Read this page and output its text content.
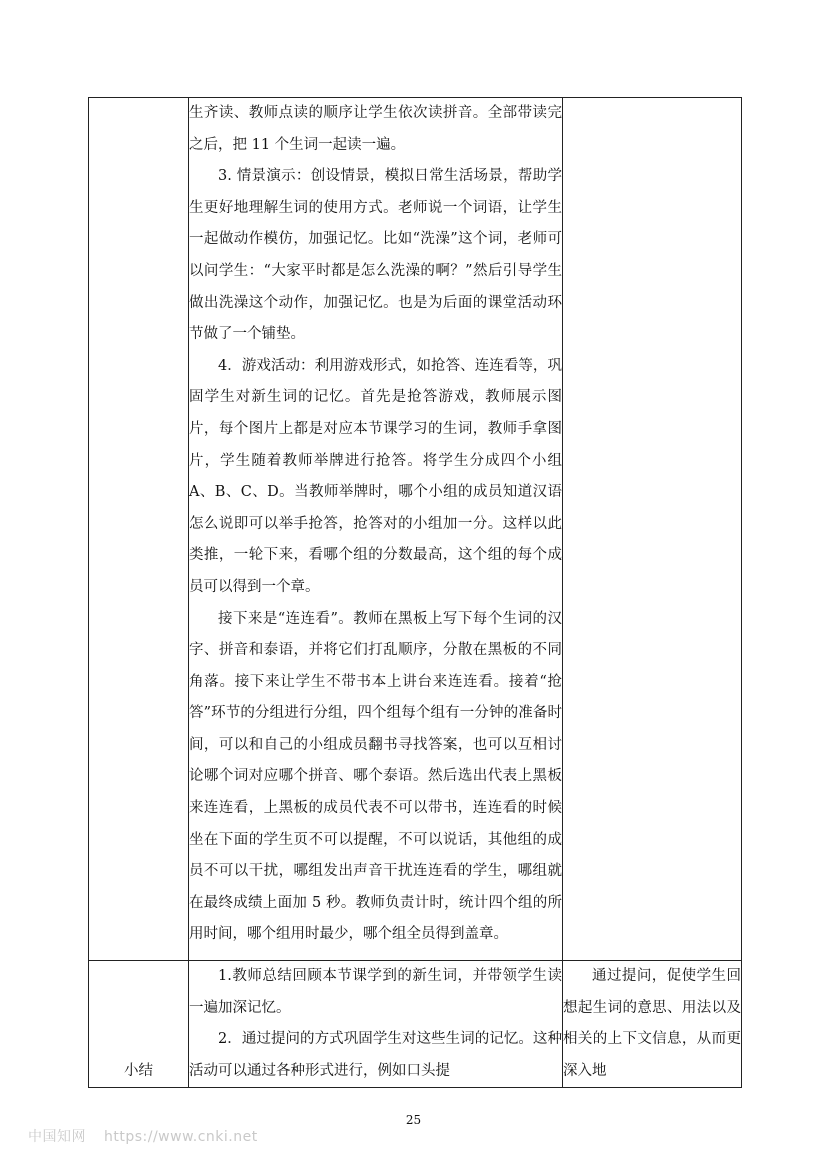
	生齐读、教师点读的顺序让学生依次读拼音。全部带读完之后，把 11 个生词一起读一遍。

3. 情景演示：创设情景，模拟日常生活场景，帮助学生更好地理解生词的使用方式。老师说一个词语，让学生一起做动作模仿，加强记忆。比如“洗澡”这个词，老师可以问学生：“大家平时都是怎么洗澡的啊？”然后引导学生做出洗澡这个动作，加强记忆。也是为后面的课堂活动环节做了一个铺垫。

4．游戏活动：利用游戏形式，如抢答、连连看等，巩固学生对新生词的记忆。首先是抢答游戏，教师展示图片，每个图片上都是对应本节课学习的生词，教师手拿图片，学生随着教师举牌进行抢答。将学生分成四个小组 A、B、C、D。当教师举牌时，哪个小组的成员知道汉语怎么说即可以举手抢答，抢答对的小组加一分。这样以此类推，一轮下来，看哪个组的分数最高，这个组的每个成员可以得到一个章。

接下来是“连连看”。教师在黑板上写下每个生词的汉字、拼音和泰语，并将它们打乱顺序，分散在黑板的不同角落。接下来让学生不带书本上讲台来连连看。接着“抢答”环节的分组进行分组，四个组每个组有一分钟的准备时间，可以和自己的小组成员翻书寻找答案，也可以互相讨论哪个词对应哪个拼音、哪个泰语。然后选出代表上黑板来连连看，上黑板的成员代表不可以带书，连连看的时候坐在下面的学生页不可以提醒，不可以说话，其他组的成员不可以干扰，哪组发出声音干扰连连看的学生，哪组就在最终成绩上面加 5 秒。教师负责计时，统计四个组的所用时间，哪个组用时最少，哪个组全员得到盖章。	

小结	1.教师总结回顾本节课学到的新生词，并带领学生读一遍加深记忆。

2．通过提问的方式巩固学生对这些生词的记忆。这种活动可以通过各种形式进行，例如口头提	通过提问，促使学生回想起生词的意思、用法以及相关的上下文信息，从而更深入地

25
中国知网 https://www.cnki.net
